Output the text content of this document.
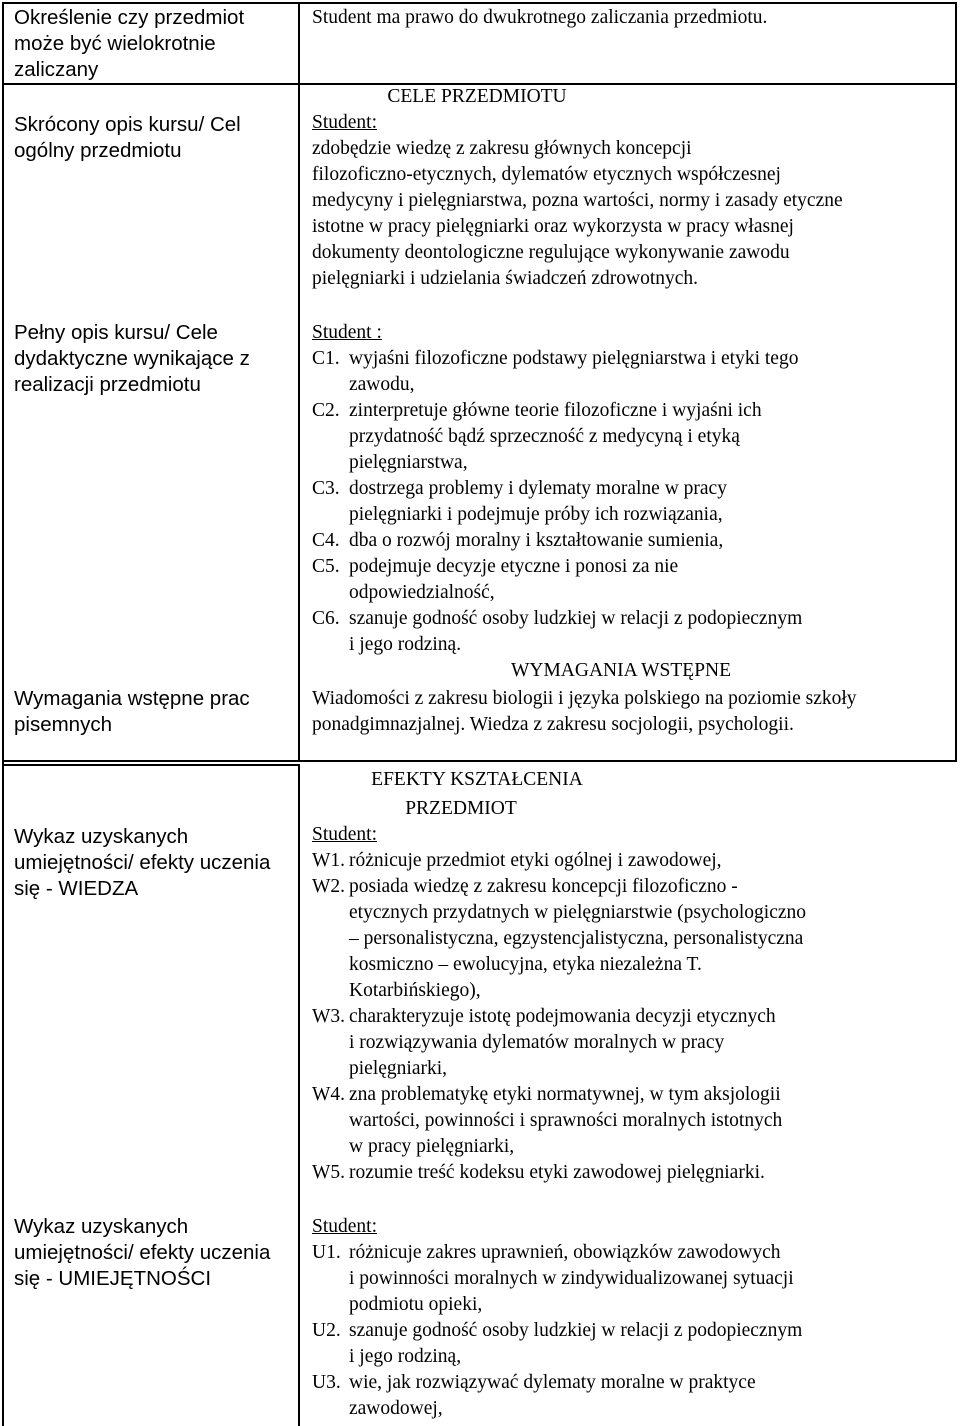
Określenie czy przedmiot
może być wielokrotnie
zaliczany
Student ma prawo do dwukrotnego zaliczania przedmiotu.
Skrócony opis kursu/ Cel
ogólny przedmiotu
CELE PRZEDMIOTU
Student:
zdobędzie wiedzę z zakresu głównych koncepcji
filozoficzno-etycznych, dylematów etycznych współczesnej
medycyny i pielęgniarstwa, pozna wartości, normy i zasady etyczne
istotne w pracy pielęgniarki oraz wykorzysta w pracy własnej
dokumenty deontologiczne regulujące wykonywanie zawodu
pielęgniarki i udzielania świadczeń zdrowotnych.
Pełny opis kursu/ Cele
dydaktyczne wynikające z
realizacji przedmiotu
Student :
C1. wyjaśni filozoficzne podstawy pielęgniarstwa i etyki tego
zawodu,
C2. zinterpretuje główne teorie filozoficzne i wyjaśni ich
przydatność bądź sprzeczność z medycyną i etyką
pielęgniarstwa,
C3. dostrzega problemy i dylematy moralne w pracy
pielęgniarki i podejmuje próby ich rozwiązania,
C4. dba o rozwój moralny i kształtowanie sumienia,
C5. podejmuje decyzje etyczne i ponosi za nie
odpowiedzialność,
C6. szanuje godność osoby ludzkiej w relacji z podopiecznym
i jego rodziną.
WYMAGANIA WSTĘPNE
Wymagania wstępne prac
pisemnych
Wiadomości z zakresu biologii i języka polskiego na poziomie szkoły
ponadgimnazjalnej. Wiedza z zakresu socjologii, psychologii.
Wykaz uzyskanych
umiejętności/ efekty uczenia
się - WIEDZA
EFEKTY KSZTAŁCENIA
PRZEDMIOT
Student:
W1. różnicuje przedmiot etyki ogólnej i zawodowej,
W2. posiada wiedzę z zakresu koncepcji filozoficzno -
etycznych przydatnych w pielęgniarstwie (psychologiczno
– personalistyczna, egzystencjalistyczna, personalistyczna
kosmiczno – ewolucyjna, etyka niezależna T.
Kotarbińskiego),
W3. charakteryzuje istotę podejmowania decyzji etycznych
i rozwiązywania dylematów moralnych w pracy
pielęgniarki,
W4. zna problematykę etyki normatywnej, w tym aksjologii
wartości, powinności i sprawności moralnych istotnych
w pracy pielęgniarki,
W5. rozumie treść kodeksu etyki zawodowej pielęgniarki.
Wykaz uzyskanych
umiejętności/ efekty uczenia
się - UMIEJĘTNOŚCI
Student:
U1. różnicuje zakres uprawnień, obowiązków zawodowych
i powinności moralnych w zindywidualizowanej sytuacji
podmiotu opieki,
U2. szanuje godność osoby ludzkiej w relacji z podopiecznym
i jego rodziną,
U3. wie, jak rozwiązywać dylematy moralne w praktyce
zawodowej,
